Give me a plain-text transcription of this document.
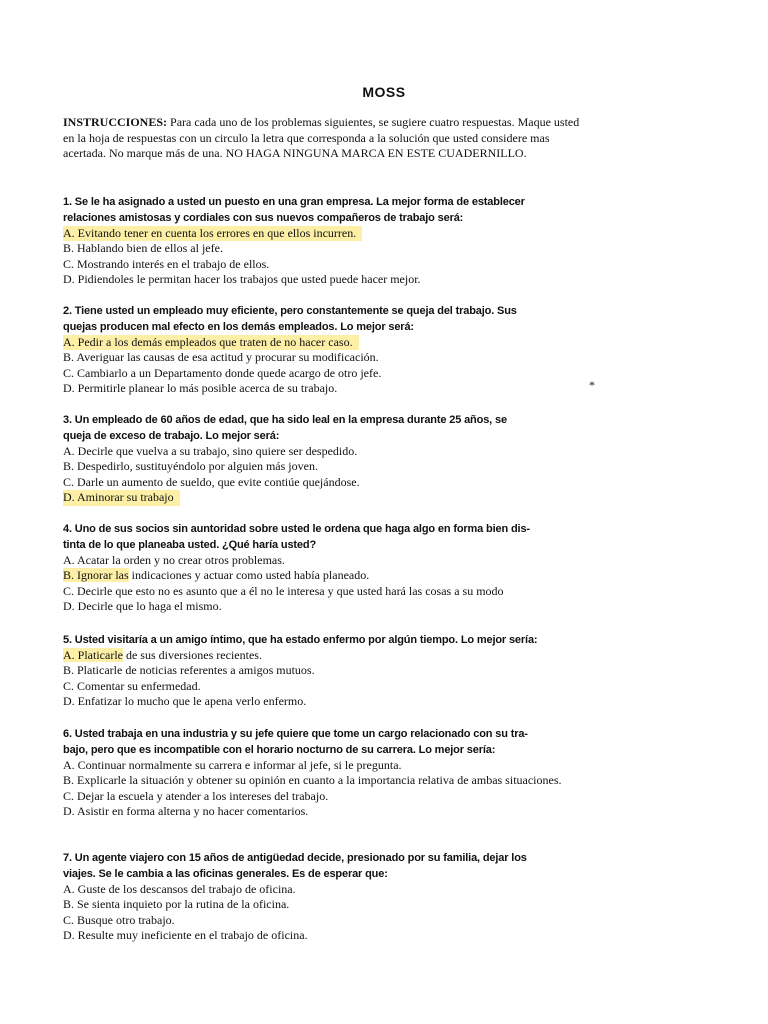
MOSS
INSTRUCCIONES: Para cada uno de los problemas siguientes, se sugiere cuatro respuestas. Maque usted en la hoja de respuestas con un circulo la letra que corresponda a la solución que usted considere mas acertada. No marque más de una. NO HAGA NINGUNA MARCA EN ESTE CUADERNILLO.
*
1. Se le ha asignado a usted un puesto en una gran empresa. La mejor forma de establecer
relaciones amistosas y cordiales con sus nuevos compañeros de trabajo será:
A. Evitando tener en cuenta los errores en que ellos incurren.
B. Hablando bien de ellos al jefe.
C. Mostrando interés en el trabajo de ellos.
D. Pidiendoles le permitan hacer los trabajos que usted puede hacer mejor.
2. Tiene usted un empleado muy eficiente, pero constantemente se queja del trabajo. Sus
quejas producen mal efecto en los demás empleados. Lo mejor será:
A. Pedir a los demás empleados que traten de no hacer caso.
B. Averiguar las causas de esa actitud y procurar su modificación.
C. Cambiarlo a un Departamento donde quede acargo de otro jefe.
D. Permitirle planear lo más posible acerca de su trabajo.
3. Un empleado de 60 años de edad, que ha sido leal en la empresa durante 25 años, se
queja de exceso de trabajo. Lo mejor será:
A. Decirle que vuelva a su trabajo, sino quiere ser despedido.
B. Despedirlo, sustituyéndolo por alguien más joven.
C. Darle un aumento de sueldo, que evite contiúe quejándose.
D. Aminorar su trabajo
4. Uno de sus socios sin auntoridad sobre usted le ordena que haga algo en forma bien dis-
tinta de lo que planeaba usted. ¿Qué haría usted?
A. Acatar la orden y no crear otros problemas.
B. Ignorar las indicaciones y actuar como usted había planeado.
C. Decirle que esto no es asunto que a él no le interesa y que usted hará las cosas a su modo
D. Decirle que lo haga el mismo.
5. Usted visitaría a un amigo íntimo, que ha estado enfermo por algún tiempo. Lo mejor sería:
A. Platicarle de sus diversiones recientes.
B. Platicarle de noticias referentes a amigos mutuos.
C. Comentar su enfermedad.
D. Enfatizar lo mucho que le apena verlo enfermo.
6. Usted trabaja en una industria y su jefe quiere que tome un cargo relacionado con su tra-
bajo, pero que es incompatible con el horario nocturno de su carrera. Lo mejor sería:
A. Continuar normalmente su carrera e informar al jefe, si le pregunta.
B. Explicarle la situación y obtener su opinión en cuanto a la importancia relativa de ambas situaciones.
C. Dejar la escuela y atender a los intereses del trabajo.
D. Asistir en forma alterna y no hacer comentarios.
7. Un agente viajero con 15 años de antigüedad decide, presionado por su familia, dejar los
viajes. Se le cambia a las oficinas generales. Es de esperar que:
A. Guste de los descansos del trabajo de oficina.
B. Se sienta inquieto por la rutina de la oficina.
C. Busque otro trabajo.
D. Resulte muy ineficiente en el trabajo de oficina.
